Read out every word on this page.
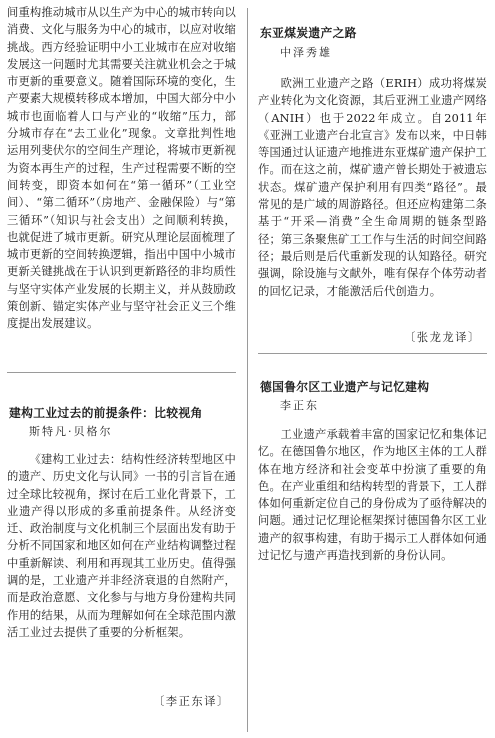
间重构推动城市从以生产为中心的城市转向以消费、文化与服务为中心的城市，以应对收缩挑战。西方经验证明中小工业城市在应对收缩发展这一问题时尤其需要关注就业机会之于城市更新的重要意义。随着国际环境的变化，生产要素大规模转移成本增加，中国大部分中小城市也面临着人口与产业的“收缩”压力，部分城市存在“去工业化”现象。文章批判性地运用列斐伏尔的空间生产理论，将城市更新视为资本再生产的过程，生产过程需要不断的空间转变，即资本如何在“第一循环”（工业空间）、“第二循环”（房地产、金融保险）与“第三循环”（知识与社会支出）之间顺利转换，也就促进了城市更新。研究从理论层面梳理了城市更新的空间转换逻辑，指出中国中小城市更新关键挑战在于认识到更新路径的非均质性与坚守实体产业发展的长期主义，并从鼓励政策创新、锚定实体产业与坚守社会正义三个维度提出发展建议。

建构工业过去的前提条件：比较视角

斯特凡·贝格尔

《建构工业过去：结构性经济转型地区中的遗产、历史文化与认同》一书的引言旨在通过全球比较视角，探讨在后工业化背景下，工业遗产得以形成的多重前提条件。从经济变迁、政治制度与文化机制三个层面出发有助于分析不同国家和地区如何在产业结构调整过程中重新解读、利用和再现其工业历史。值得强调的是，工业遗产并非经济衰退的自然附产，而是政治意愿、文化参与与地方身份建构共同作用的结果，从而为理解如何在全球范围内激活工业过去提供了重要的分析框架。

〔李正东译〕

东亚煤炭遗产之路

中泽秀雄

欧洲工业遗产之路（ERIH）成功将煤炭产业转化为文化资源，其后亚洲工业遗产网络（ANIH）也于2022年成立。自2011年《亚洲工业遗产台北宣言》发布以来，中日韩等国通过认证遗产地推进东亚煤矿遗产保护工作。而在这之前，煤矿遗产曾长期处于被遗忘状态。煤矿遗产保护利用有四类“路径”。最常见的是广域的周游路径。但还应构建第二条基于“开采—消费”全生命周期的链条型路径；第三条聚焦矿工工作与生活的时间空间路径；最后则是后代重新发现的认知路径。研究强调，除设施与文献外，唯有保存个体劳动者的回忆记录，才能激活后代创造力。

〔张龙龙译〕

德国鲁尔区工业遗产与记忆建构

李正东

工业遗产承载着丰富的国家记忆和集体记忆。在德国鲁尔地区，作为地区主体的工人群体在地方经济和社会变革中扮演了重要的角色。在产业重组和结构转型的背景下，工人群体如何重新定位自己的身份成为了亟待解决的问题。通过记忆理论框架探讨德国鲁尔区工业遗产的叙事构建，有助于揭示工人群体如何通过记忆与遗产再造找到新的身份认同。
